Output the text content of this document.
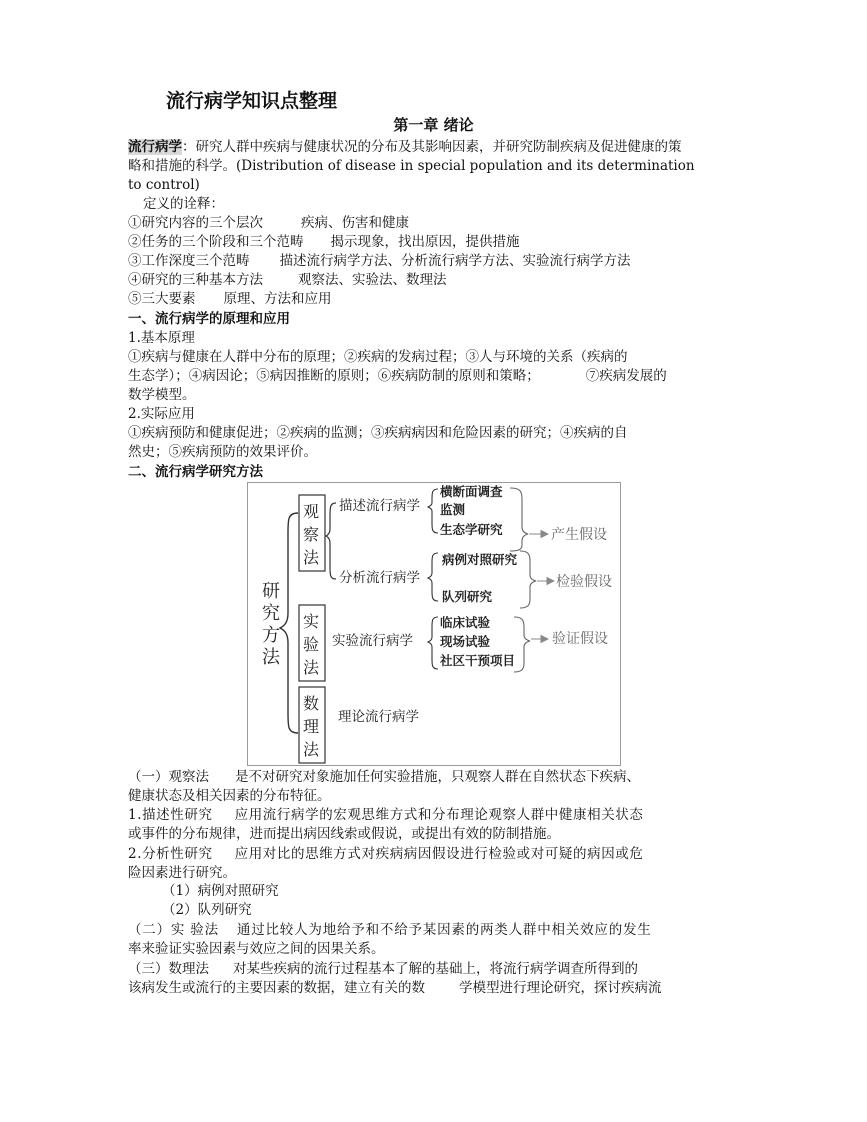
流行病学知识点整理
第一章 绪论
流行病学：研究人群中疾病与健康状况的分布及其影响因素，并研究防制疾病及促进健康的策
略和措施的科学。(Distribution of disease in special population and its determination
to control)
定义的诠释：
①研究内容的三个层次	疾病、伤害和健康
②任务的三个阶段和三个范畴 揭示现象，找出原因，提供措施
③工作深度三个范畴 描述流行病学方法、分析流行病学方法、实验流行病学方法
④研究的三种基本方法	观察法、实验法、数理法
⑤三大要素 原理、方法和应用
一、流行病学的原理和应用
1.基本原理
①疾病与健康在人群中分布的原理；②疾病的发病过程；③人与环境的关系（疾病的
生态学）；④病因论；⑤病因推断的原则；⑥疾病防制的原则和策略；	⑦疾病发展的
数学模型。
2.实际应用
①疾病预防和健康促进；②疾病的监测；③疾病病因和危险因素的研究；④疾病的自
然史；⑤疾病预防的效果评价。
二、流行病学研究方法
研
究
方
法
观
察
法
实
验
法
数
理
法
描述流行病学
分析流行病学
实验流行病学
理论流行病学
横断面调查
监测
生态学研究	产生假设
病例对照研究
队列研究
检验假设
临床试验
现场试验
社区干预项目
验证假设
（一）观察法 是不对研究对象施加任何实验措施，只观察人群在自然状态下疾病、
健康状态及相关因素的分布特征。
1.描述性研究 应用流行病学的宏观思维方式和分布理论观察人群中健康相关状态
或事件的分布规律，进而提出病因线索或假说，或提出有效的防制措施。
2.分析性研究 应用对比的思维方式对疾病病因假设进行检验或对可疑的病因或危
险因素进行研究。
（1）病例对照研究
（2）队列研究
（二）实 验法 通过比较人为地给予和不给予某因素的两类人群中相关效应的发生
率来验证实验因素与效应之间的因果关系。
（三）数理法 对某些疾病的流行过程基本了解的基础上，将流行病学调查所得到的
该病发生或流行的主要因素的数据，建立有关的数	学模型进行理论研究，探讨疾病流
